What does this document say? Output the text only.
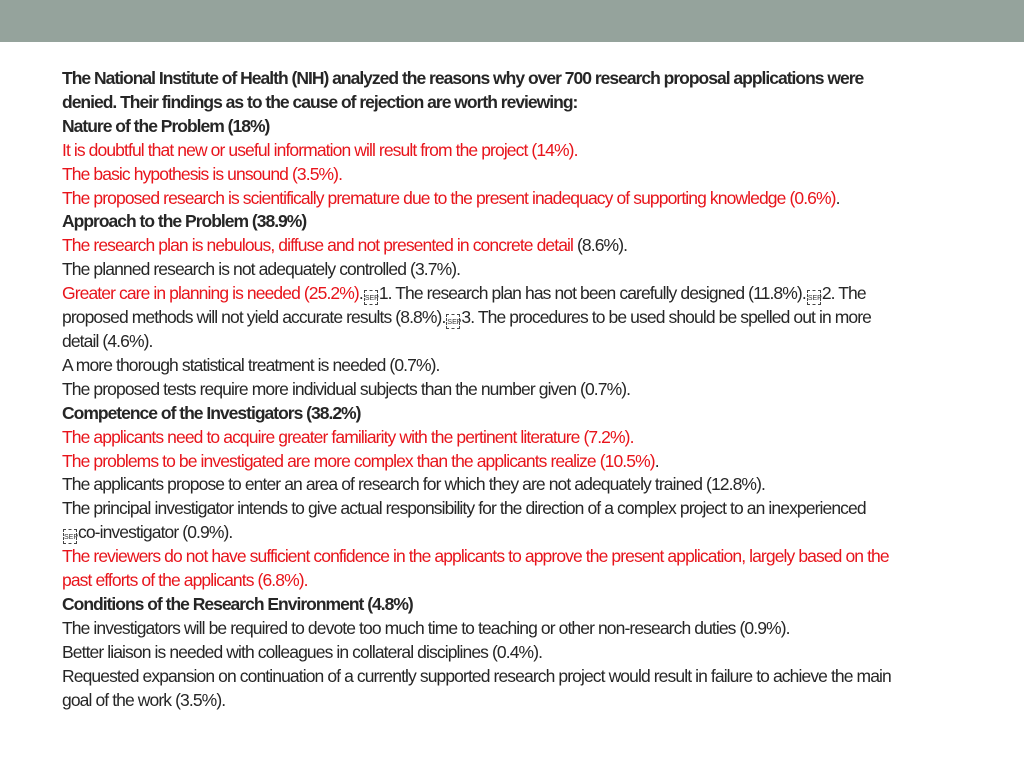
The National Institute of Health (NIH) analyzed the reasons why over 700 research proposal applications were
denied. Their findings as to the cause of rejection are worth reviewing:
Nature of the Problem (18%)
It is doubtful that new or useful information will result from the project (14%).
The basic hypothesis is unsound (3.5%).
The proposed research is scientifically premature due to the present inadequacy of supporting knowledge (0.6%).
Approach to the Problem (38.9%)
The research plan is nebulous, diffuse and not presented in concrete detail (8.6%).
The planned research is not adequately controlled (3.7%).
Greater care in planning is needed (25.2%). SEP1. The research plan has not been carefully designed (11.8%). SEP2. The
proposed methods will not yield accurate results (8.8%). SEP3. The procedures to be used should be spelled out in more
detail (4.6%).
A more thorough statistical treatment is needed (0.7%).
The proposed tests require more individual subjects than the number given (0.7%).
Competence of the Investigators (38.2%)
The applicants need to acquire greater familiarity with the pertinent literature (7.2%).
The problems to be investigated are more complex than the applicants realize (10.5%).
The applicants propose to enter an area of research for which they are not adequately trained (12.8%).
The principal investigator intends to give actual responsibility for the direction of a complex project to an inexperienced
SEPco-investigator (0.9%).
The reviewers do not have sufficient confidence in the applicants to approve the present application, largely based on the
past efforts of the applicants (6.8%).
Conditions of the Research Environment (4.8%)
The investigators will be required to devote too much time to teaching or other non-research duties (0.9%).
Better liaison is needed with colleagues in collateral disciplines (0.4%).
Requested expansion on continuation of a currently supported research project would result in failure to achieve the main
goal of the work (3.5%).
